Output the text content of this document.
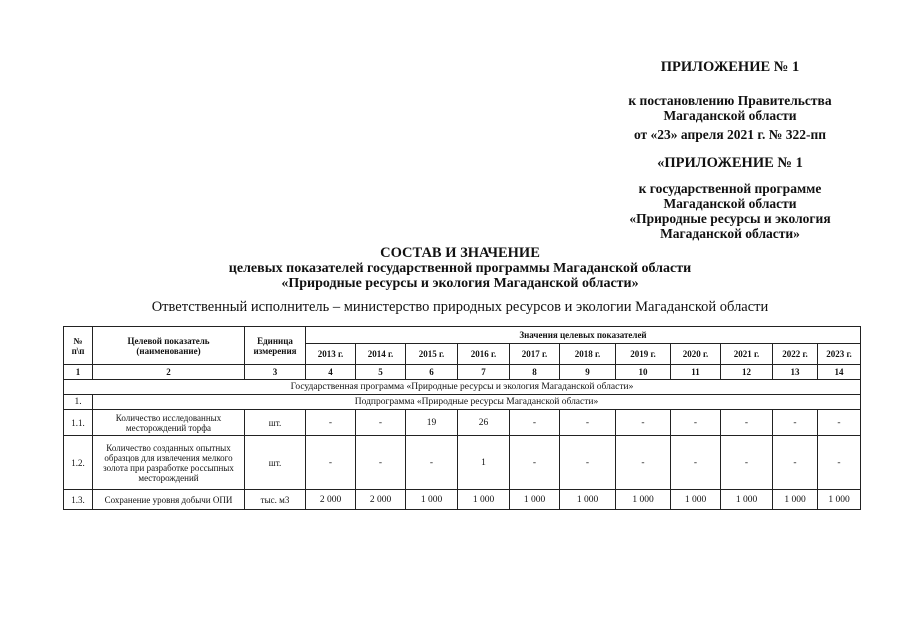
ПРИЛОЖЕНИЕ № 1
к постановлению Правительства
Магаданской области
от «23» апреля 2021 г. № 322-пп
«ПРИЛОЖЕНИЕ № 1
к государственной программе
Магаданской области
«Природные ресурсы и экология
Магаданской области»
СОСТАВ И ЗНАЧЕНИЕ
целевых показателей государственной программы Магаданской области
«Природные ресурсы и экология Магаданской области»
Ответственный исполнитель – министерство природных ресурсов и экологии Магаданской области
№ п\п	Целевой показатель (наименование)	Единица измерения	Значения целевых показателей										
			2013 г.	2014 г.	2015 г.	2016 г.	2017 г.	2018 г.	2019 г.	2020 г.	2021 г.	2022 г.	2023 г.
1	2	3	4	5	6	7	8	9	10	11	12	13	14
Государственная программа «Природные ресурсы и экология Магаданской области»													
1.	Подпрограмма «Природные ресурсы Магаданской области»												
1.1.	Количество исследованных месторождений торфа	шт.	-	-	19	26	-	-	-	-	-	-	-
1.2.	Количество созданных опытных образцов для извлечения мелкого золота при разработке россыпных месторождений	шт.	-	-	-	1	-	-	-	-	-	-	-
1.3.	Сохранение уровня добычи ОПИ	тыс. м3	2 000	2 000	1 000	1 000	1 000	1 000	1 000	1 000	1 000	1 000	1 000
